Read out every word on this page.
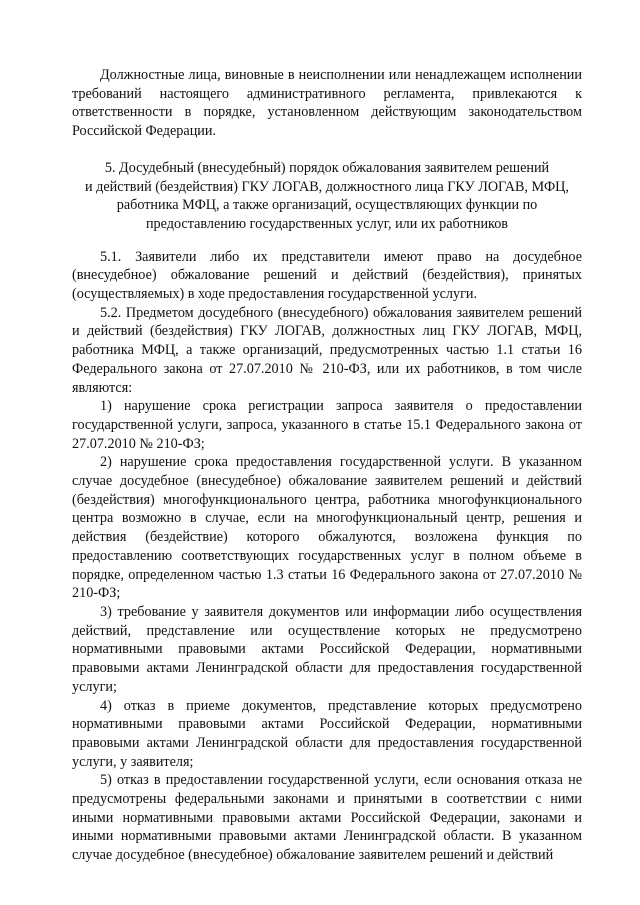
Должностные лица, виновные в неисполнении или ненадлежащем исполнении требований настоящего административного регламента, привлекаются к ответственности в порядке, установленном действующим законодательством Российской Федерации.

5. Досудебный (внесудебный) порядок обжалования заявителем решений
и действий (бездействия) ГКУ ЛОГАВ, должностного лица ГКУ ЛОГАВ, МФЦ,
работника МФЦ, а также организаций, осуществляющих функции по
предоставлению государственных услуг, или их работников

5.1. Заявители либо их представители имеют право на досудебное (внесудебное) обжалование решений и действий (бездействия), принятых (осуществляемых) в ходе предоставления государственной услуги.

5.2. Предметом досудебного (внесудебного) обжалования заявителем решений и действий (бездействия) ГКУ ЛОГАВ, должностных лиц ГКУ ЛОГАВ, МФЦ, работника МФЦ, а также организаций, предусмотренных частью 1.1 статьи 16 Федерального закона от 27.07.2010 № 210-ФЗ, или их работников, в том числе являются:

1) нарушение срока регистрации запроса заявителя о предоставлении государственной услуги, запроса, указанного в статье 15.1 Федерального закона от 27.07.2010 № 210-ФЗ;

2) нарушение срока предоставления государственной услуги. В указанном случае досудебное (внесудебное) обжалование заявителем решений и действий (бездействия) многофункционального центра, работника многофункционального центра возможно в случае, если на многофункциональный центр, решения и действия (бездействие) которого обжалуются, возложена функция по предоставлению соответствующих государственных услуг в полном объеме в порядке, определенном частью 1.3 статьи 16 Федерального закона от 27.07.2010 № 210-ФЗ;

3) требование у заявителя документов или информации либо осуществления действий, представление или осуществление которых не предусмотрено нормативными правовыми актами Российской Федерации, нормативными правовыми актами Ленинградской области для предоставления государственной услуги;

4) отказ в приеме документов, представление которых предусмотрено нормативными правовыми актами Российской Федерации, нормативными правовыми актами Ленинградской области для предоставления государственной услуги, у заявителя;

5) отказ в предоставлении государственной услуги, если основания отказа не предусмотрены федеральными законами и принятыми в соответствии с ними иными нормативными правовыми актами Российской Федерации, законами и иными нормативными правовыми актами Ленинградской области. В указанном случае досудебное (внесудебное) обжалование заявителем решений и действий
